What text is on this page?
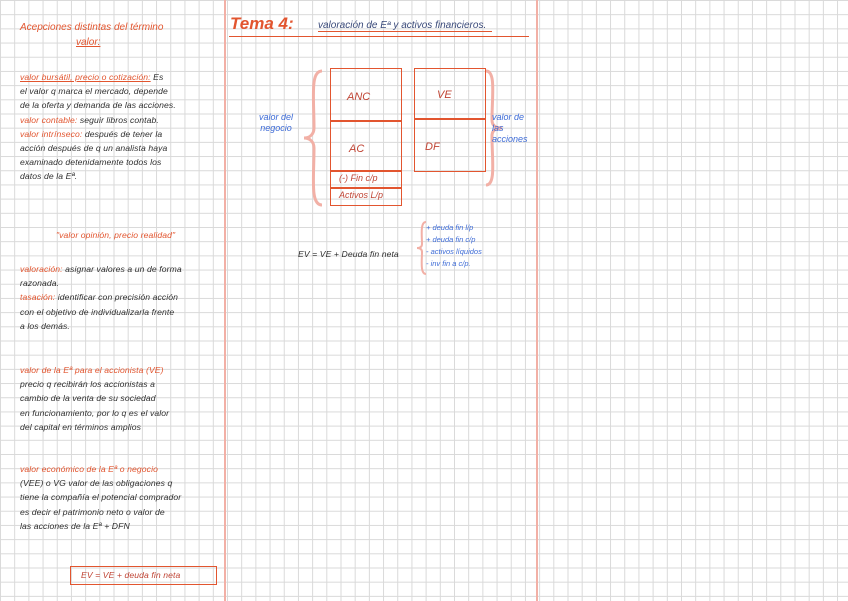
Acepciones distintas del término
valor:
valor bursátil, precio o cotización: Es
el valor q marca el mercado, depende
de la oferta y demanda de las acciones.
valor contable: seguir libros contab.
valor intrínseco: después de tener la
acción después de q un analista haya
examinado detenidamente todos los
datos de la Eª.
"valor opinión, precio realidad"
valoración: asignar valores a un de forma
razonada.
tasación: identificar con precisión acción
con el objetivo de individualizarla frente
a los demás.
valor de la Eª para el accionista (VE)
precio q recibirán los accionistas a
cambio de la venta de su sociedad
en funcionamiento, por lo q es el valor
del capital en términos amplios
valor económico de la Eª o negocio
(VEE) o VG valor de las obligaciones q
tiene la compañía el potencial comprador
es decir el patrimonio neto o valor de
las acciones de la Eª + DFN
EV = VE + deuda fin neta
Tema 4: valoración de Eª y activos financieros.
valor del negocio
valor de las acciones
ANC
AC
(-) Fin c/p
Activos L/p
VE
DF
EV = VE + Deuda fin neta
+ deuda fin l/p
+ deuda fin c/p
- activos líquidos
- inv fin a c/p.
